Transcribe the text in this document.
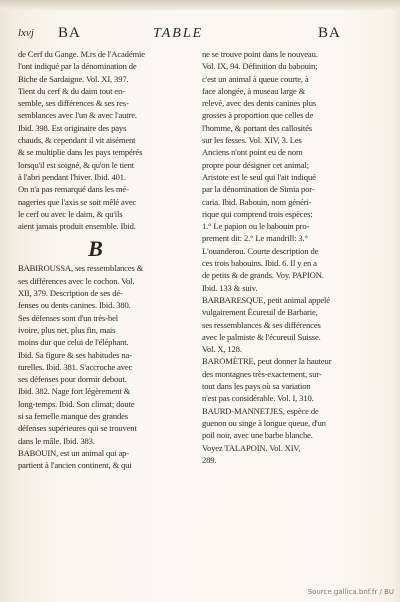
lxvj BA	TABLE	BA
de Cerf du Gange. M.rs de l'Académie
l'ont indiqué par la dénomination de
Biche de Sardaigne. Vol. XI, 397.
Tient du cerf & du daim tout en-
semble, ses différences & ses res-
semblances avec l'un & avec l'autre.
Ibid. 398. Est originaire des pays
chauds, & cependant il vit aisément
& se multiplie dans les pays tempérés
lorsqu'il est soigné, & qu'on le tient
à l'abri pendant l'hiver. Ibid. 401.
On n'a pas remarqué dans les mé-
nageries que l'axis se soit mêlé avec
le cerf ou avec le daim, & qu'ils
aient jamais produit ensemble. Ibid.
B
BABIROUSSA, ses ressemblances &
ses différences avec le cochon. Vol.
XII, 379. Description de ses dé-
fenses ou dents canines. Ibid. 380.
Ses défenses sont d'un très-bel
ivoire, plus net, plus fin, mais
moins dur que celui de l'éléphant.
Ibid. Sa figure & ses habitudes na-
turelles. Ibid. 381. S'accroche avec
ses défenses pour dormir debout.
Ibid. 382. Nage fort légèrement &
long-temps. Ibid. Son climat; doute
si sa femelle manque des grandes
défenses supérieures qui se trouvent
dans le mâle. Ibid. 383.
BABOUIN, est un animal qui ap-
partient à l'ancien continent, & qui
ne se trouve point dans le nouveau.
Vol. IX, 94. Définition du babouin;
c'est un animal à queue courte, à
face alongée, à museau large &
relevé, avec des dents canines plus
grosses à proportion que celles de
l'homme, & portant des callosités
sur les fesses. Vol. XIV, 3. Les
Anciens n'ont point eu de nom
propre pour désigner cet animal;
Aristote est le seul qui l'ait indiqué
par la dénomination de Simia por-
caria. Ibid. Babouin, nom généri-
rique qui comprend trois espèces:
1.° Le papion ou le babouin pro-
prement dit: 2.° Le mandrill: 3.°
L'ouanderou. Courte description de
ces trois babouins. Ibid. 6. Il y en a
de petits & de grands. Voy. PAPION.
Ibid. 133 & suiv.
BARBARESQUE, petit animal appelé
vulgairement Écureuil de Barbarie,
ses ressemblances & ses différences
avec le palmiste & l'écureuil Suisse.
Vol. X, 128.
BAROMÈTRE, peut donner la hauteur
des montagnes très-exactement, sur-
tout dans les pays où sa variation
n'est pas considérable. Vol. I, 310.
BAURD-MANNETJES, espèce de
guenon ou singe à longue queue, d'un
poil noir, avec une barbe blanche.
Voyez TALAPOIN. Vol. XIV,
289.
Source gallica.bnf.fr / BU
